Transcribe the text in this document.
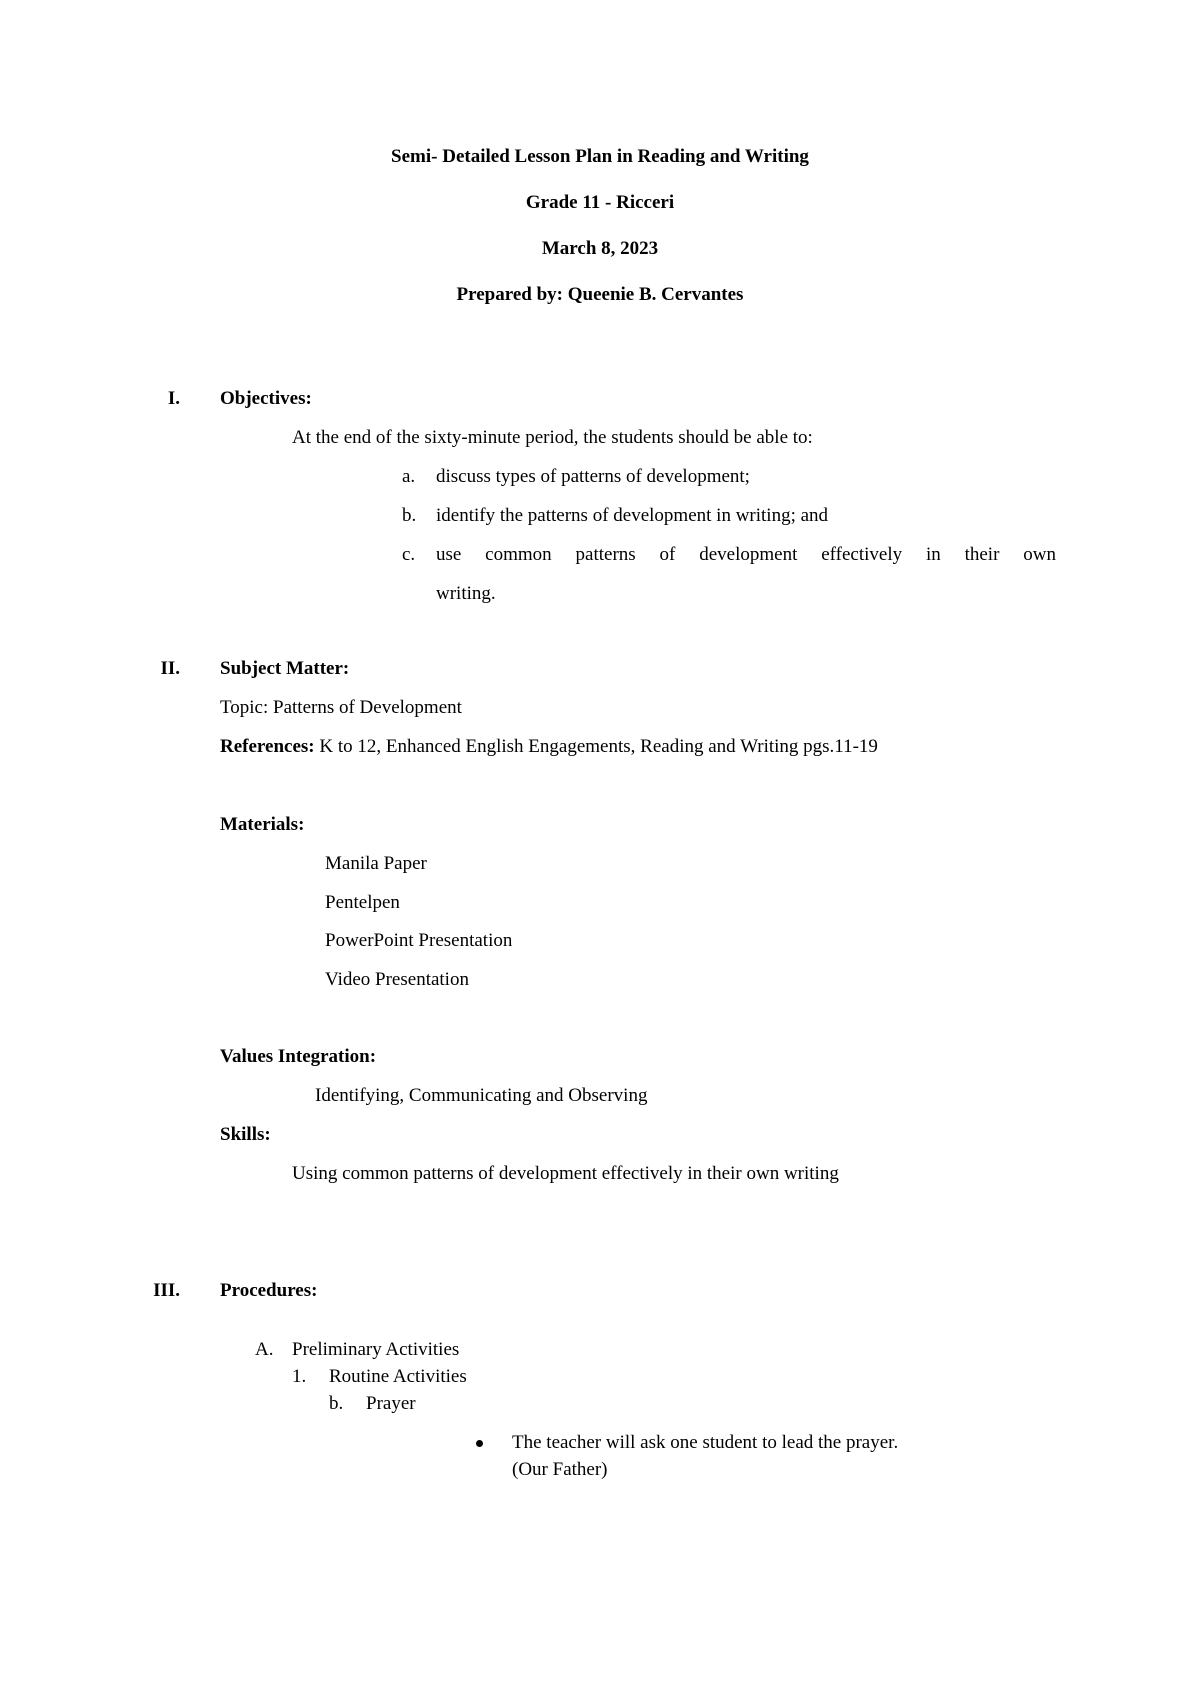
Semi- Detailed Lesson Plan in Reading and Writing
Grade 11 - Ricceri
March 8, 2023
Prepared by: Queenie B. Cervantes
I. Objectives:
At the end of the sixty-minute period, the students should be able to:
a. discuss types of patterns of development;
b. identify the patterns of development in writing; and
c. use common patterns of development effectively in their own
writing.
II. Subject Matter:
Topic: Patterns of Development
References: K to 12, Enhanced English Engagements, Reading and Writing pgs.11-19
Materials:
Manila Paper
Pentelpen
PowerPoint Presentation
Video Presentation
Values Integration:
Identifying, Communicating and Observing
Skills:
Using common patterns of development effectively in their own writing
III. Procedures:
A. Preliminary Activities
1. Routine Activities
b. Prayer
The teacher will ask one student to lead the prayer.
(Our Father)
